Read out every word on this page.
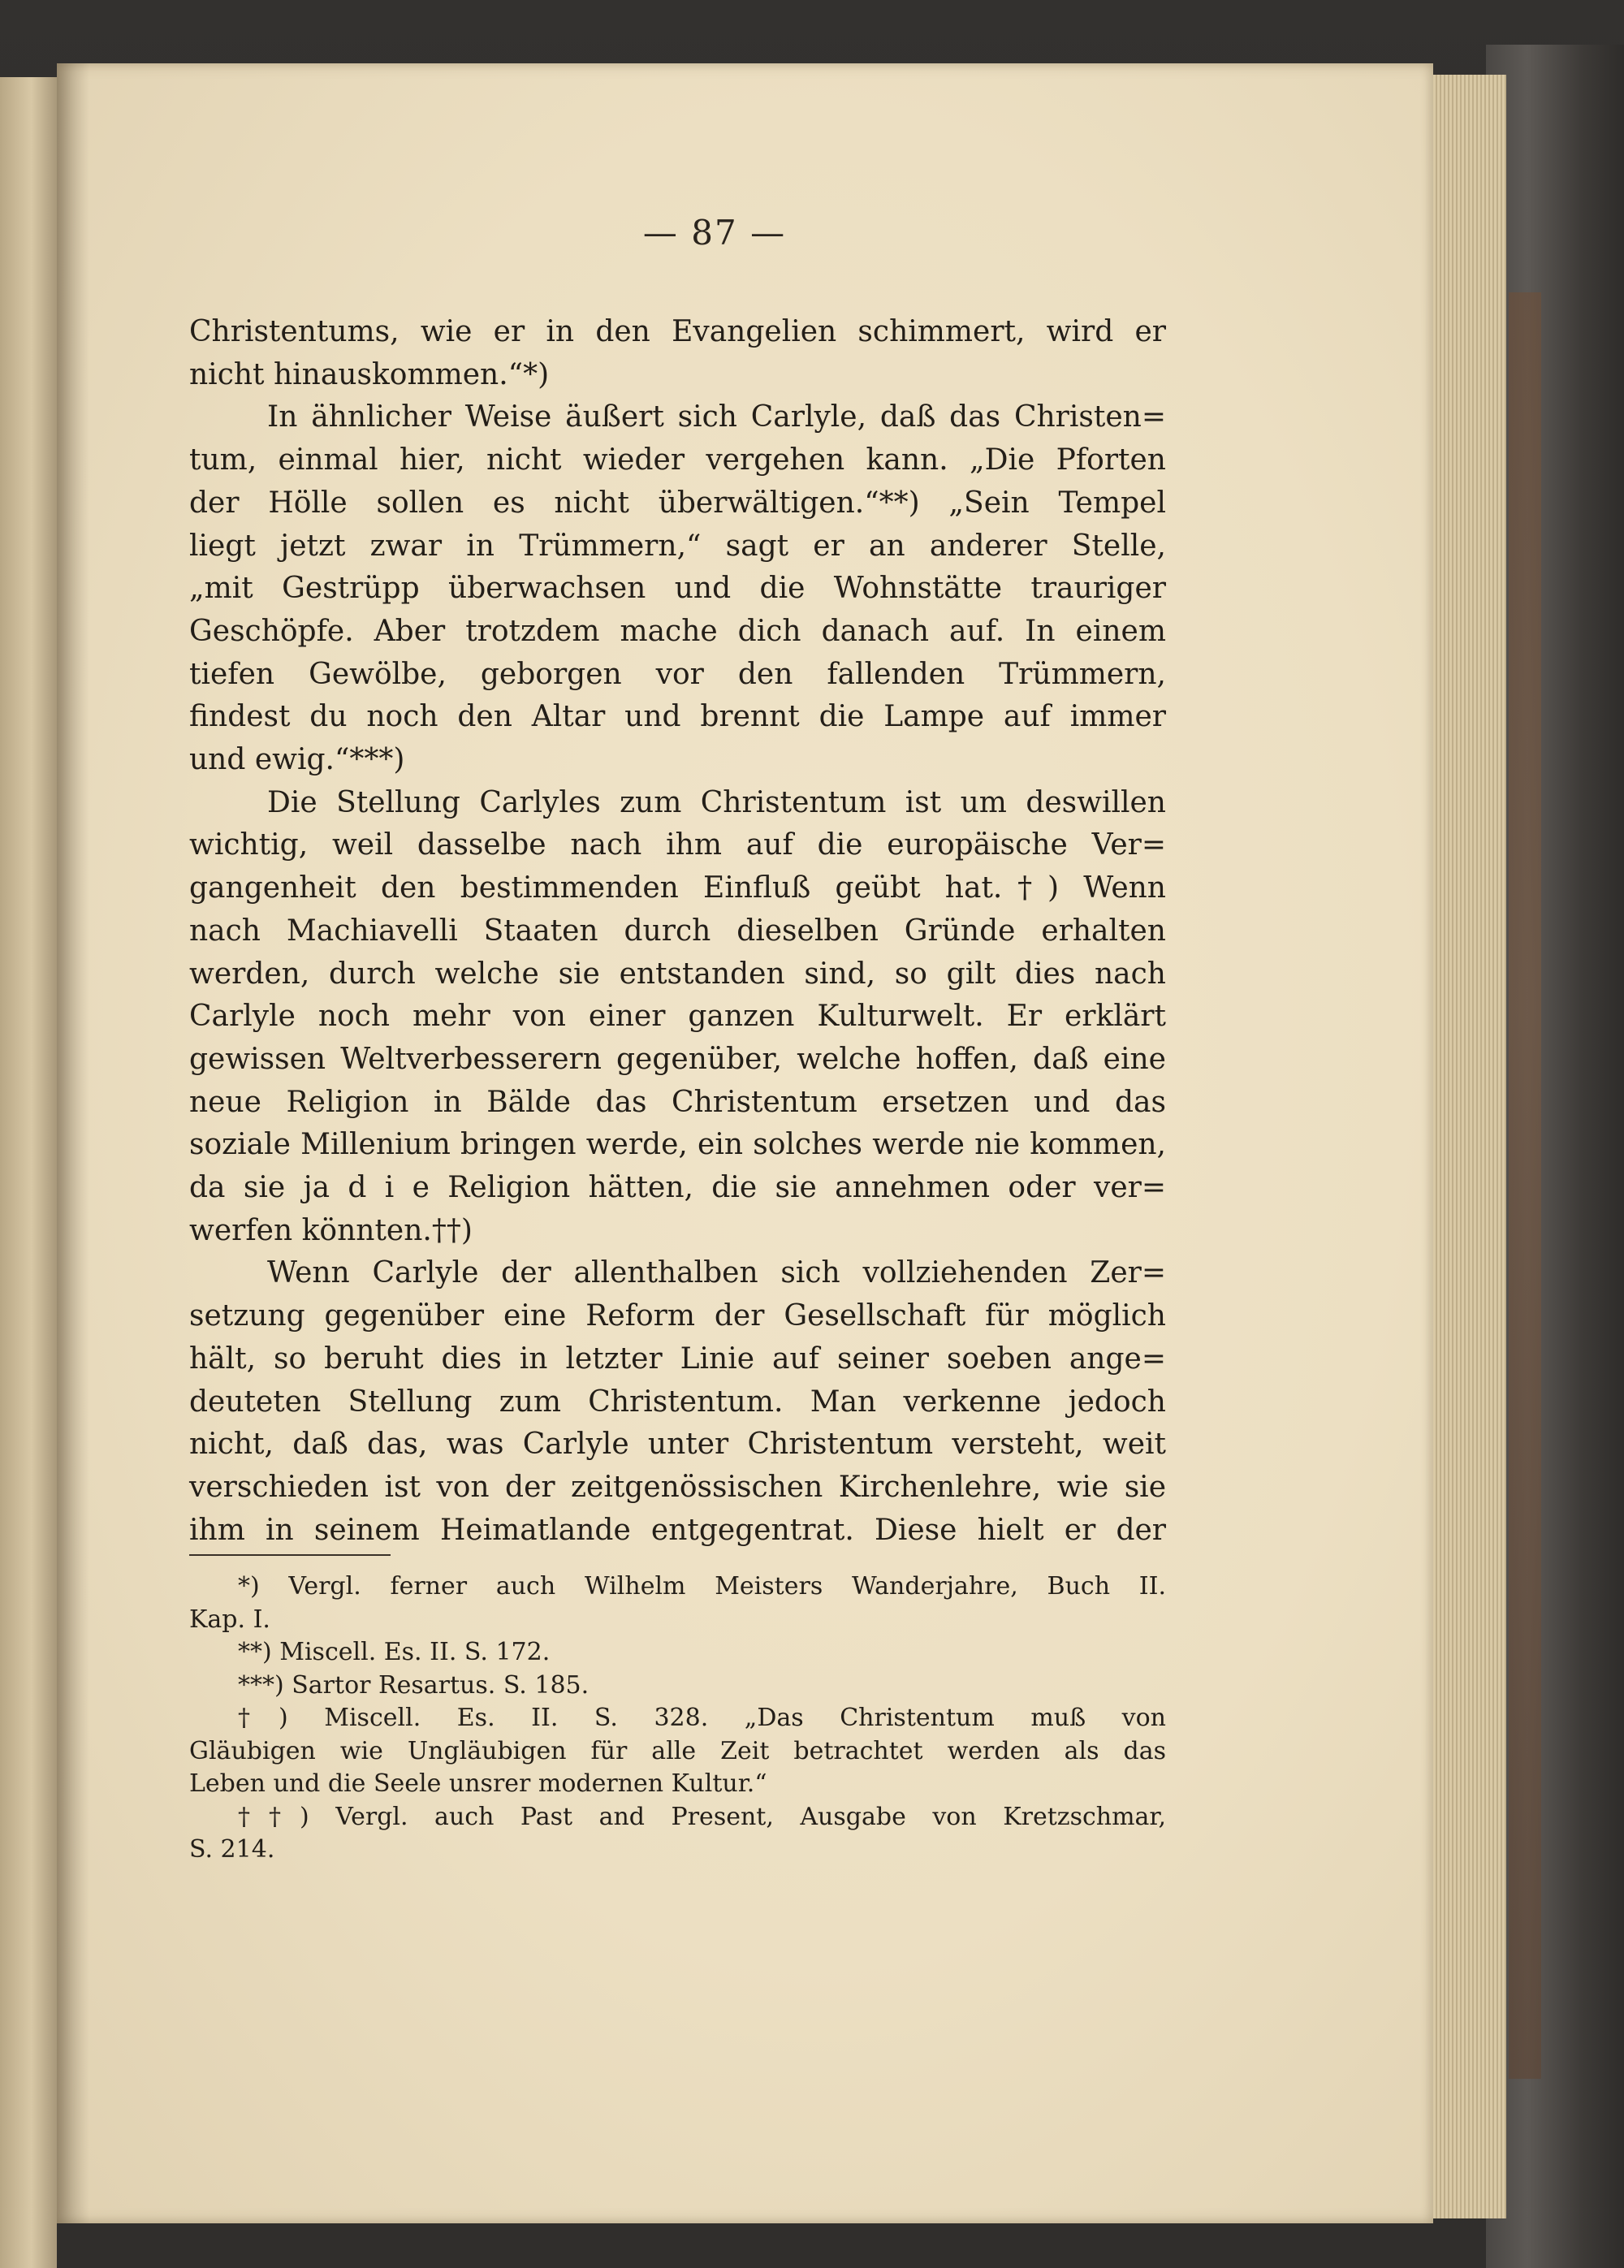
— 87 —
Christentums, wie er in den Evangelien schimmert, wird er
nicht hinauskommen.“*)
In ähnlicher Weise äußert sich Carlyle, daß das Christen=
tum, einmal hier, nicht wieder vergehen kann. „Die Pforten
der Hölle sollen es nicht überwältigen.“**) „Sein Tempel
liegt jetzt zwar in Trümmern,“ sagt er an anderer Stelle,
„mit Gestrüpp überwachsen und die Wohnstätte trauriger
Geschöpfe. Aber trotzdem mache dich danach auf. In einem
tiefen Gewölbe, geborgen vor den fallenden Trümmern,
findest du noch den Altar und brennt die Lampe auf immer
und ewig.“***)
Die Stellung Carlyles zum Christentum ist um deswillen
wichtig, weil dasselbe nach ihm auf die europäische Ver=
gangenheit den bestimmenden Einfluß geübt hat.†) Wenn
nach Machiavelli Staaten durch dieselben Gründe erhalten
werden, durch welche sie entstanden sind, so gilt dies nach
Carlyle noch mehr von einer ganzen Kulturwelt. Er erklärt
gewissen Weltverbesserern gegenüber, welche hoffen, daß eine
neue Religion in Bälde das Christentum ersetzen und das
soziale Millenium bringen werde, ein solches werde nie kommen,
da sie ja d i e Religion hätten, die sie annehmen oder ver=
werfen könnten.††)
Wenn Carlyle der allenthalben sich vollziehenden Zer=
setzung gegenüber eine Reform der Gesellschaft für möglich
hält, so beruht dies in letzter Linie auf seiner soeben ange=
deuteten Stellung zum Christentum. Man verkenne jedoch
nicht, daß das, was Carlyle unter Christentum versteht, weit
verschieden ist von der zeitgenössischen Kirchenlehre, wie sie
ihm in seinem Heimatlande entgegentrat. Diese hielt er der
*) Vergl. ferner auch Wilhelm Meisters Wanderjahre, Buch II.
Kap. I.
**) Miscell. Es. II. S. 172.
***) Sartor Resartus. S. 185.
†) Miscell. Es. II. S. 328. „Das Christentum muß von
Gläubigen wie Ungläubigen für alle Zeit betrachtet werden als das
Leben und die Seele unsrer modernen Kultur.“
††) Vergl. auch Past and Present, Ausgabe von Kretzschmar,
S. 214.
